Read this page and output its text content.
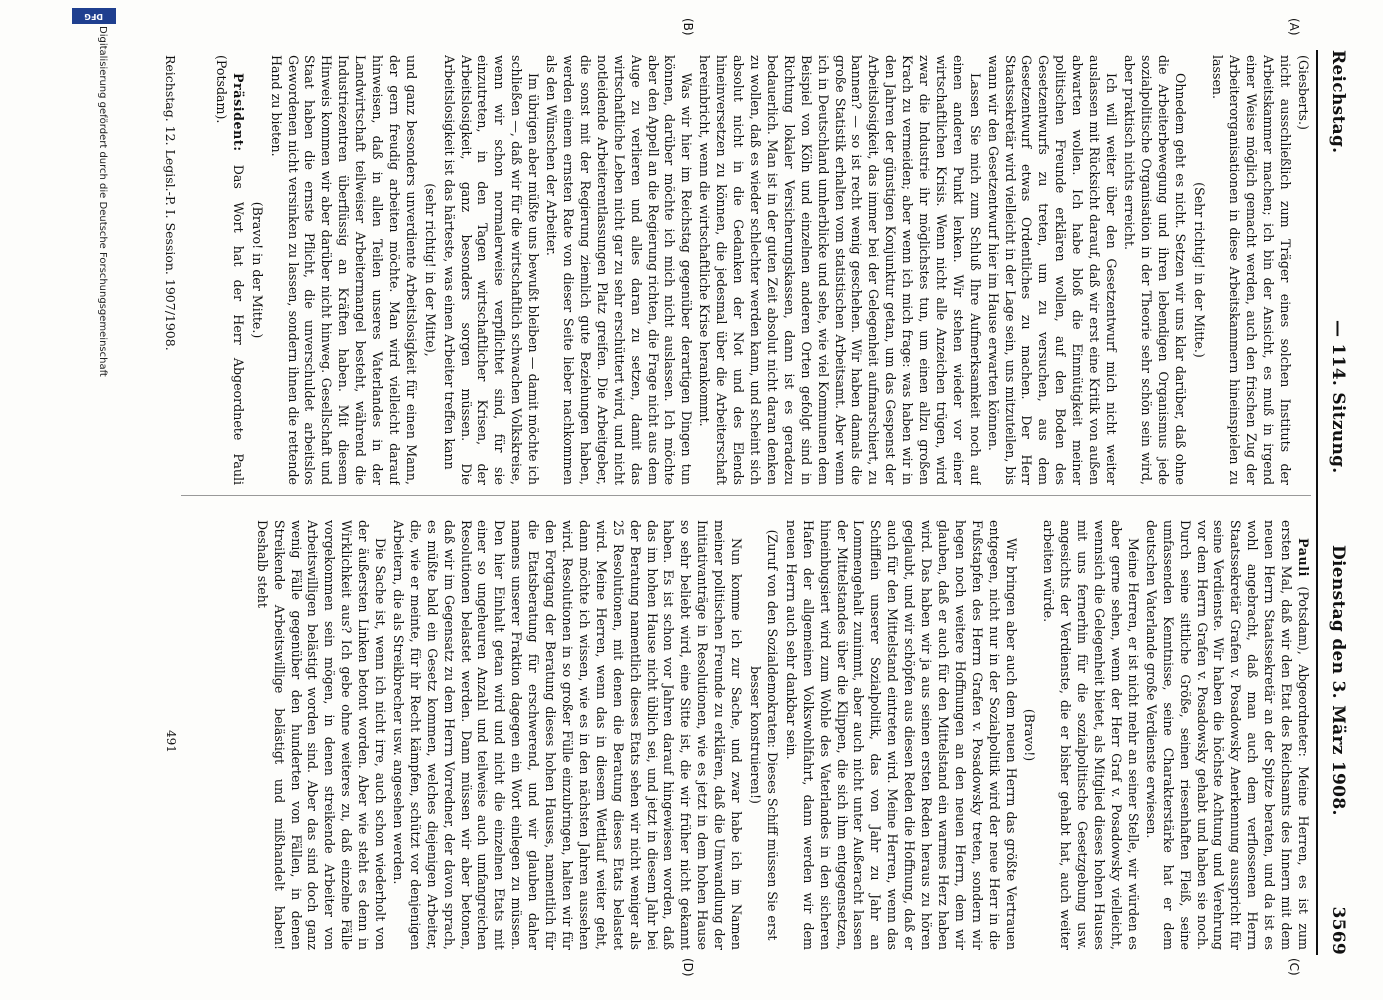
Reichstag.
— 114. Sitzung.
Dienstag den 3. März 1908.
3569
(A)
(B)
(C)
(D)

(Giesberts.)

nicht ausschließlich zum Träger eines solchen Instituts der Arbeitskammer machen; ich bin der Ansicht, es muß in irgend einer Weise möglich gemacht werden, auch den frischen Zug der Arbeiterorganisationen in diese Arbeitskammern hineinspielen zu lassen.

(Sehr richtig! in der Mitte.)

Ohnedem geht es nicht. Setzen wir uns klar darüber, daß ohne die Arbeiterbewegung und ihren lebendigen Organismus jede sozialpolitische Organisation in der Theorie sehr schön sein wird, aber praktisch nichts erreicht.

Ich will weiter über den Gesetzentwurf mich nicht weiter auslassen mit Rücksicht darauf, daß wir erst eine Kritik von außen abwarten wollen. Ich habe bloß die Einmütigkeit meiner politischen Freunde erklären wollen, auf den Boden des Gesetzentwurfs zu treten, um zu versuchen, aus dem Gesetzentwurf etwas Ordentliches zu machen. Der Herr Staatssekretär wird vielleicht in der Lage sein, uns mitzuteilen, bis wann wir den Gesetzentwurf hier im Hause erwarten können.

Lassen Sie mich zum Schluß Ihre Aufmerksamkeit noch auf einen anderen Punkt lenken. Wir stehen wieder vor einer wirtschaftlichen Krisis. Wenn nicht alle Anzeichen trügen, wird zwar die Industrie ihr möglichstes tun, um einen allzu großen Krach zu vermeiden; aber wenn ich mich frage: was haben wir in den Jahren der günstigen Konjunktur getan, um das Gespenst der Arbeitslosigkeit, das immer bei der Gelegenheit aufmarschiert, zu bannen? — so ist recht wenig geschehen. Wir haben damals die große Statistik erhalten vom statistischen Arbeitsamt. Aber wenn ich in Deutschland umherblicke und sehe, wie viel Kommunen dem Beispiel von Köln und einzelnen anderen Orten gefolgt sind in Richtung lokaler Versicherungskassen, dann ist es geradezu bedauerlich. Man ist in der guten Zeit absolut nicht daran denken zu wollen, daß es wieder schlechter werden kann, und scheint sich absolut nicht in die Gedanken der Not und des Elends hineinversetzen zu können, die jedesmal über die Arbeiterschaft hereinbricht, wenn die wirtschaftliche Krise herankommt.

Was wir hier im Reichstag gegenüber derartigen Dingen tun können, darüber möchte ich mich nicht auslassen. Ich möchte aber den Appell an die Regierung richten, die Frage nicht aus dem Auge zu verlieren und alles daran zu setzen, damit das wirtschaftliche Leben nicht gar zu sehr erschüttert wird, und nicht notleidende Arbeiterentlassungen Platz greifen. Die Arbeitgeber, die sonst mit der Regierung ziemlich gute Beziehungen haben, werden einem ernsten Rate von dieser Seite lieber nachkommen als den Wünschen der Arbeiter.

Im übrigen aber müßte uns bewußt bleiben — damit möchte ich schließen —, daß wir für die wirtschaftlich schwachen Volkskreise, wenn wir schon normalerweise verpflichtet sind, für sie einzutreten, in den Tagen wirtschaftlicher Krisen, der Arbeitslosigkeit, ganz besonders sorgen müssen. Die Arbeitslosigkeit ist das härteste, was einen Arbeiter treffen kann

(sehr richtig! in der Mitte),

und ganz besonders unverdiente Arbeitslosigkeit für einen Mann, der gern freudig arbeiten möchte. Man wird vielleicht darauf hinweisen, daß in allen Teilen unseres Vaterlandes in der Landwirtschaft teilweiser Arbeitermangel besteht, während die Industriezentren überflüssig an Kräften haben. Mit diesem Hinweis kommen wir aber darüber nicht hinweg. Gesellschaft und Staat haben die ernste Pflicht, die unverschuldet arbeitslos Gewordenen nicht versinken zu lassen, sondern ihnen die rettende Hand zu bieten.

(Bravo! in der Mitte.)

Präsident: Das Wort hat der Herr Abgeordnete Pauli (Potsdam).

Pauli (Potsdam), Abgeordneter: Meine Herren, es ist zum ersten Mal, daß wir den Etat des Reichsamts des Innern mit dem neuen Herrn Staatssekretär an der Spitze beraten, und da ist es wohl angebracht, daß man auch dem verflossenen Herrn Staatssekretär Grafen v. Posadowsky Anerkennung ausspricht für seine Verdienste. Wir haben die höchste Achtung und Verehrung vor dem Herrn Grafen v. Posadowsky gehabt und haben sie noch. Durch seine sittliche Größe, seinen riesenhaften Fleiß, seine umfassenden Kenntnisse, seine Charakterstärke hat er dem deutschen Vaterlande große Verdienste erwiesen.

Meine Herren, er ist nicht mehr an seiner Stelle, wir würden es aber gerne sehen, wenn der Herr Graf v. Posadowsky vielleicht, wennsich die Gelegenheit bietet, als Mitglied dieses hohen Hauses mit uns fernerhin für die sozialpolitische Gesetzgebung usw. angesichts der Verdienste, die er bisher gehabt hat, auch weiter arbeiten würde.

(Bravo!)

Wir bringen aber auch dem neuen Herrn das größte Vertrauen entgegen, nicht nur in der Sozialpolitik wird der neue Herr in die Fußstapfen des Herrn Grafen v. Posadowsky treten, sondern wir hegen noch weitere Hoffnungen an den neuen Herrn, dem wir glauben, daß er auch für den Mittelstand ein warmes Herz haben wird. Das haben wir ja aus seinen ersten Reden heraus zu hören geglaubt, und wir schöpfen aus diesen Reden die Hoffnung, daß er auch für den Mittelstand eintreten wird. Meine Herren, wenn das Schifflein unserer Sozialpolitik, das von Jahr zu Jahr an Lommengehalt zunimmt, aber auch nicht unter Außeracht lassen der Mittelstandes über die Klippen, die sich ihm entgegensetzen, hineinbugsiert wird zum Wohle des Vaterlandes in den sicheren Hafen der allgemeinen Volkswohlfahrt, dann werden wir dem neuen Herrn auch sehr dankbar sein.

(Zuruf von den Sozialdemokraten: Dieses Schiff müssen Sie erst besser konstruieren!)

Nun komme ich zur Sache, und zwar habe ich im Namen meiner politischen Freunde zu erklären, daß die Umwandlung der Initiativanträge in Resolutionen, wie es jetzt in dem hohen Hause so sehr beliebt wird, eine Sitte ist, die wir früher nicht gekannt haben. Es ist schon vor Jahren darauf hingewiesen worden, daß das im hohen Hause nicht üblich sei, und jetzt in diesem Jahr bei der Beratung namentlich dieses Etats sehen wir nicht weniger als 25 Resolutionen, mit denen die Beratung dieses Etats belastet wird. Meine Herren, wenn das in diesem Wettlauf weiter geht, dann möchte ich wissen, wie es in den nächsten Jahren aussehen wird. Resolutionen in so großer Fülle einzubringen, halten wir für den Fortgang der Beratung dieses hohen Hauses, namentlich für die Etatsberatung für erschwerend, und wir glauben daher namens unserer Fraktion dagegen ein Wort einlegen zu müssen. Den hier Einhalt getan wird und nicht die einzelnen Etats mit einer so ungeheuren Anzahl und teilweise auch umfangreichen Resolutionen belastet werden. Dann müssen wir aber betonen, daß wir im Gegensatz zu dem Herrn Vorredner, der davon sprach, es müßte bald ein Gesetz kommen, welches diejenigen Arbeiter, die, wie er meinte, für ihr Recht kämpfen, schützt vor denjenigen Arbeitern, die als Streikbrecher usw. angesehen werden.

Die Sache ist, wenn ich nicht irre, auch schon wiederholt von der äußersten Linken betont worden. Aber wie steht es denn in Wirklichkeit aus? Ich gebe ohne weiteres zu, daß einzelne Fälle vorgekommen sein mögen, in denen streikende Arbeiter von Arbeitswilligen belästigt worden sind. Aber das sind doch ganz wenig Fälle gegenüber den hunderten von Fällen, in denen Streikende Arbeitswillige belästigt und mißhandelt haben! Deshalb steht

Reichstag. 12. Legisl.-P. I. Session. 1907/1908.
491
DFG
Digitalisierung gefördert durch die Deutsche Forschungsgemeinschaft
